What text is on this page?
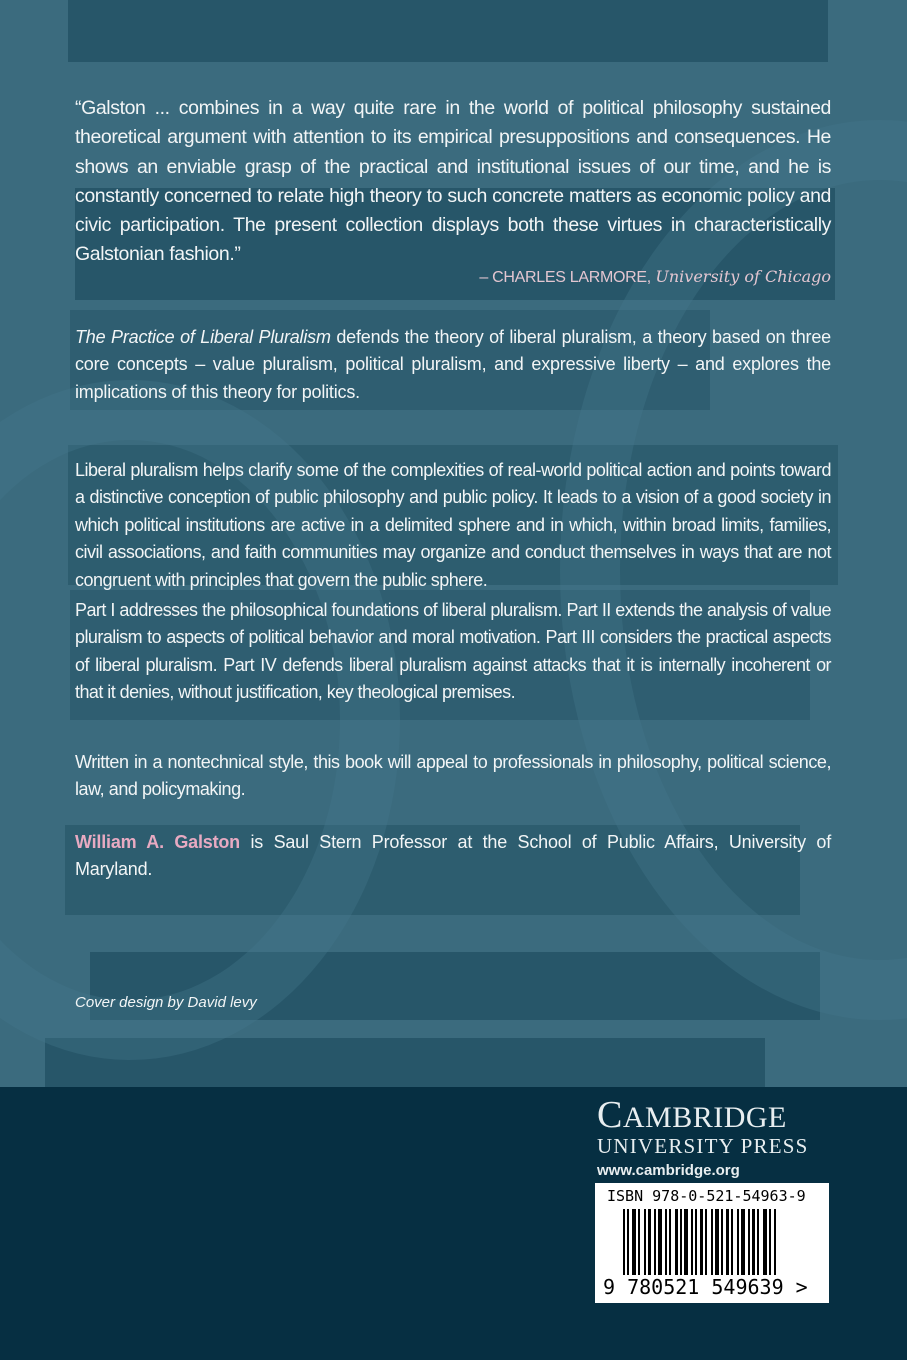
“Galston ... combines in a way quite rare in the world of political philosophy sustained theoretical argument with attention to its empirical presuppositions and consequences. He shows an enviable grasp of the practical and institutional issues of our time, and he is constantly concerned to relate high theory to such concrete matters as economic policy and civic participation. The present collection displays both these virtues in characteristically Galstonian fashion.”
– CHARLES LARMORE, University of Chicago
The Practice of Liberal Pluralism defends the theory of liberal pluralism, a theory based on three core concepts – value pluralism, political pluralism, and expressive liberty – and explores the implications of this theory for politics.
Liberal pluralism helps clarify some of the complexities of real-world political action and points toward a distinctive conception of public philosophy and public policy. It leads to a vision of a good society in which political institutions are active in a delimited sphere and in which, within broad limits, families, civil associations, and faith communities may organize and conduct themselves in ways that are not congruent with principles that govern the public sphere.
Part I addresses the philosophical foundations of liberal pluralism. Part II extends the analysis of value pluralism to aspects of political behavior and moral motivation. Part III considers the practical aspects of liberal pluralism. Part IV defends liberal pluralism against attacks that it is internally incoherent or that it denies, without justification, key theological premises.
Written in a nontechnical style, this book will appeal to professionals in philosophy, political science, law, and policymaking.
William A. Galston is Saul Stern Professor at the School of Public Affairs, University of Maryland.
Cover design by David levy
CAMBRIDGE
UNIVERSITY PRESS
www.cambridge.org
ISBN 978-0-521-54963-9
9 780521 549639 >
